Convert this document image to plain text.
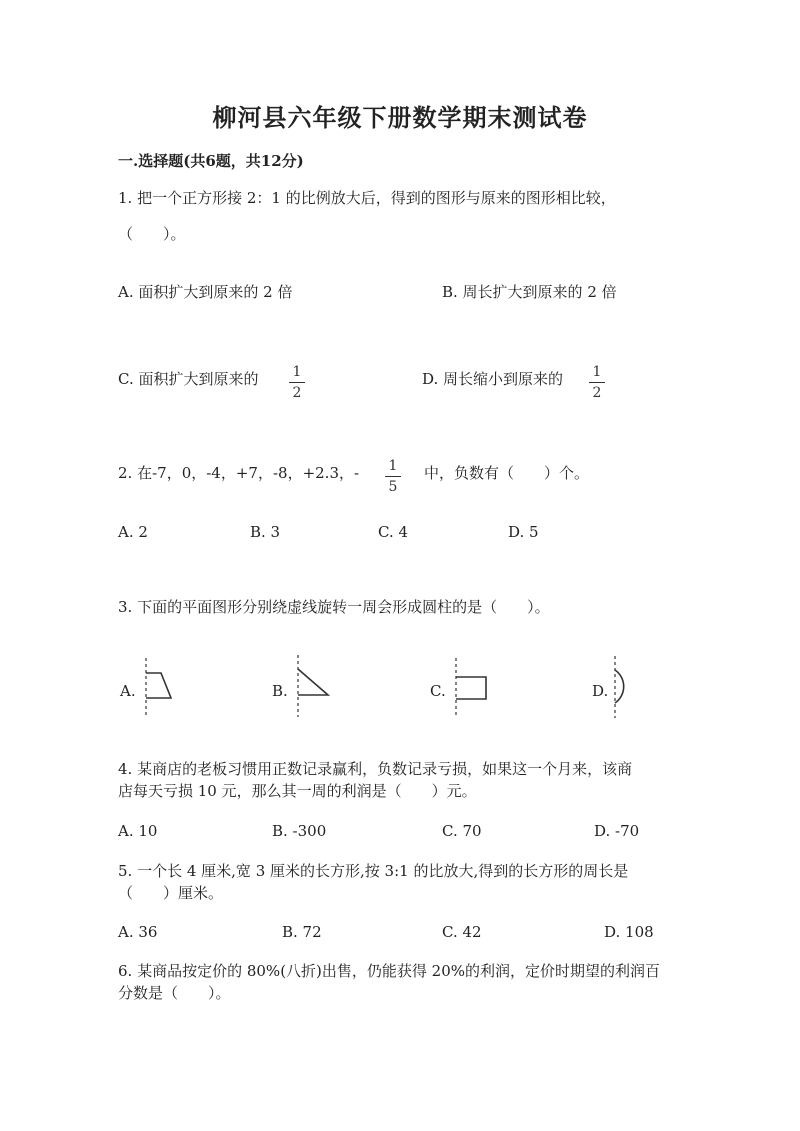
柳河县六年级下册数学期末测试卷
一.选择题(共6题，共12分)
1. 把一个正方形接 2：1 的比例放大后，得到的图形与原来的图形相比较，
（　　）。
A. 面积扩大到原来的 2 倍	B. 周长扩大到原来的 2 倍
C. 面积扩大到原来的 1
2
D. 周长缩小到原来的 1
2
2. 在-7，0，-4，+7，-8，+2.3，- 1
5
中，负数有（　　）个。
A. 2	B. 3	C. 4	D. 5
3. 下面的平面图形分别绕虚线旋转一周会形成圆柱的是（　　）。
A.	B.	C.	D.
4. 某商店的老板习惯用正数记录赢利，负数记录亏损，如果这一个月来，该商
店每天亏损 10 元，那么其一周的利润是（　　）元。
A. 10	B. -300	C. 70	D. -70
5. 一个长 4 厘米,宽 3 厘米的长方形,按 3:1 的比放大,得到的长方形的周长是
（　　）厘米。
A. 36	B. 72	C. 42	D. 108
6. 某商品按定价的 80%(八折)出售，仍能获得 20%的利润，定价时期望的利润百
分数是（　　）。
